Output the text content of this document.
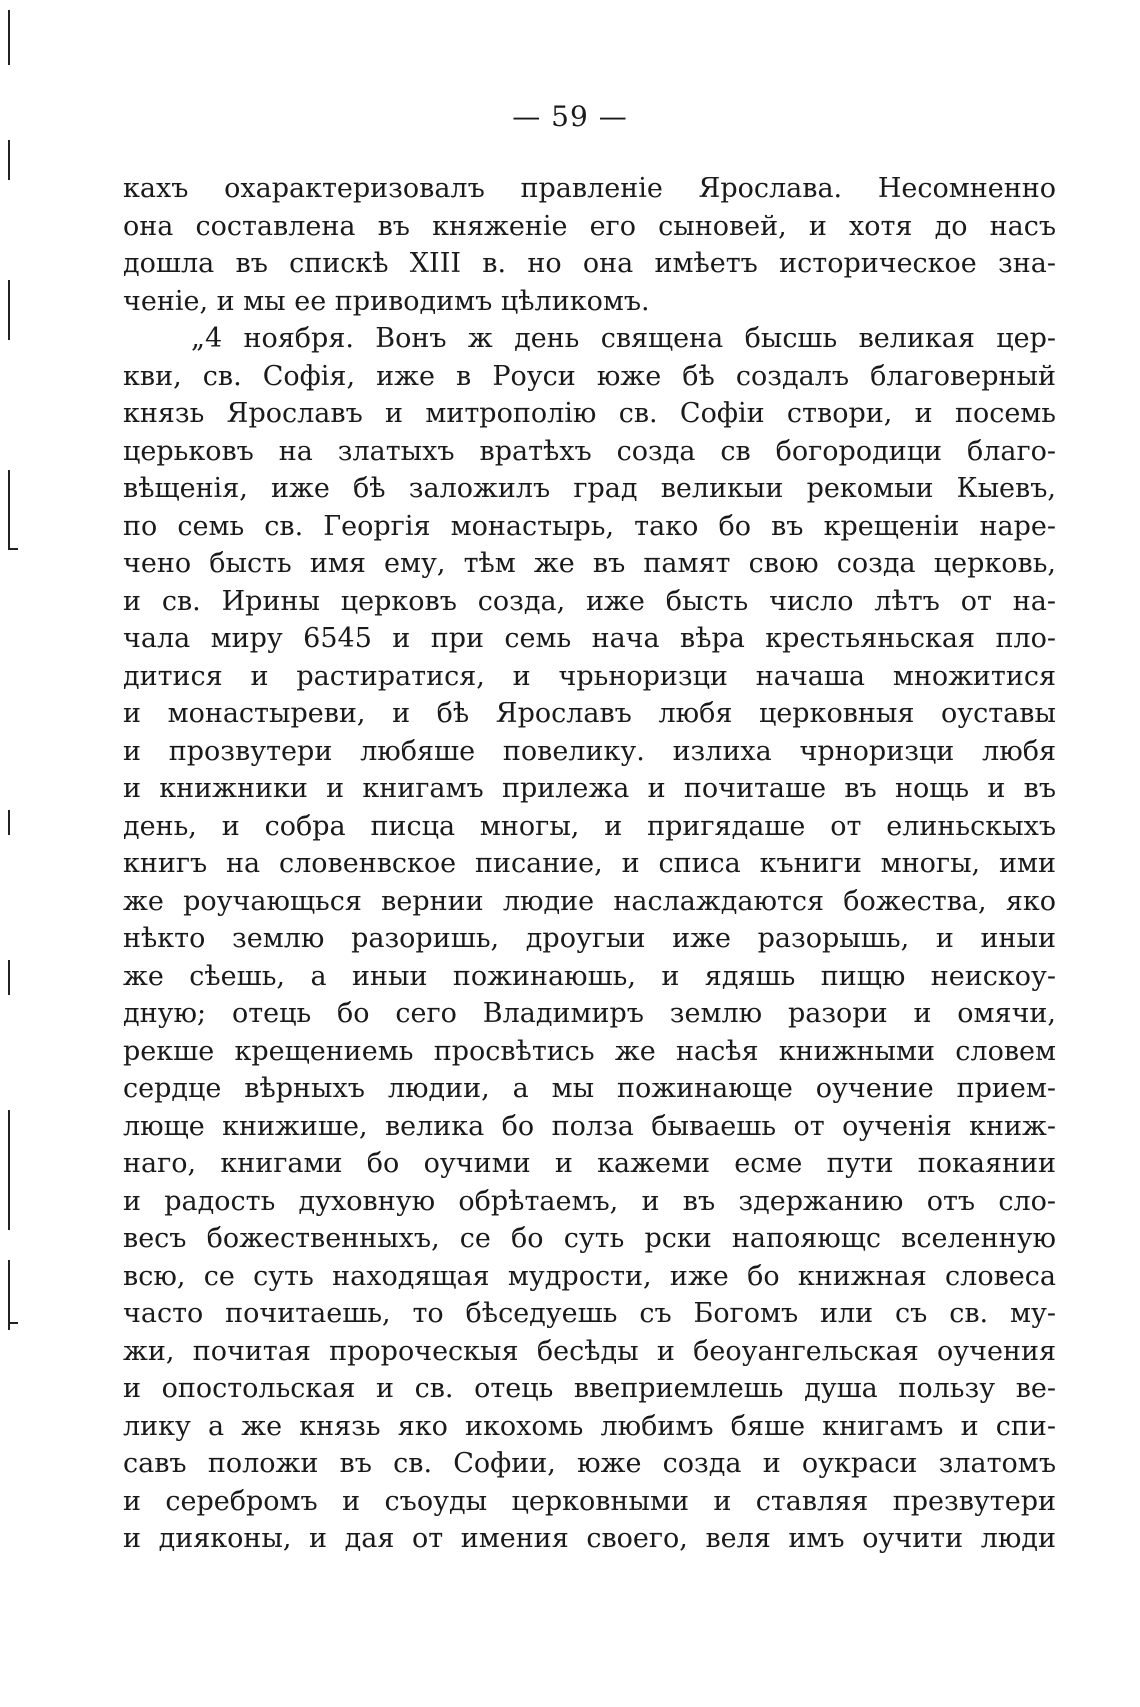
— 59 —
кахъ охарактеризовалъ правленіе Ярослава. Несомненно
она составлена въ княженіе его сыновей, и хотя до насъ
дошла въ спискѣ XIII в. но она имѣетъ историческое зна-
ченіе, и мы ее приводимъ цѣликомъ.
„4 ноября. Вонъ ж день священа бысшь великая цер-
кви, св. Софія, иже в Роуси юже бѣ создалъ благоверный
князь Ярославъ и митрополію св. Софіи створи, и посемь
церьковъ на златыхъ вратѣхъ созда св богородици благо-
вѣщенія, иже бѣ заложилъ град великыи рекомыи Кыевъ,
по семь св. Георгія монастырь, тако бо въ крещеніи наре-
чено бысть имя ему, тѣм же въ памят свою созда церковь,
и св. Ирины церковъ созда, иже бысть число лѣтъ от на-
чала миру 6545 и при семь нача вѣра крестьяньская пло-
дитися и растиратися, и чрьноризци начаша множитися
и монастыреви, и бѣ Ярославъ любя церковныя оуставы
и прозвутери любяше повелику. излиха чрноризци любя
и книжники и книгамъ прилежа и почиташе въ нощь и въ
день, и собра писца многы, и пригядаше от елиньскыхъ
книгъ на словенвское писание, и списа къниги многы, ими
же роучающься вернии людие наслаждаются божества, яко
нѣкто землю разоришь, дроугыи иже разорышь, и иныи
же сѣешь, а иныи пожинаюшь, и ядяшь пищю неискоу-
дную; отець бо сего Владимиръ землю разори и омячи,
рекше крещениемь просвѣтись же насѣя книжными словем
сердце вѣрныхъ людии, а мы пожинающе оучение прием-
люще книжише, велика бо полза бываешь от оученія книж-
наго, книгами бо оучими и кажеми есме пути покаянии
и радость духовную обрѣтаемъ, и въ здержанию отъ сло-
весъ божественныхъ, се бо суть рски напояющс вселенную
всю, се суть находящая мудрости, иже бо книжная словеса
часто почитаешь, то бѣседуешь съ Богомъ или съ св. му-
жи, почитая пророческыя бесѣды и беоуангельская оучения
и опостольская и св. отець ввеприемлешь душа пользу ве-
лику а же князь яко икохомь любимъ бяше книгамъ и спи-
савъ положи въ св. Софии, юже созда и оукраси златомъ
и серебромъ и съоуды церковными и ставляя презвутери
и дияконы, и дая от имения своего, веля имъ оучити люди
